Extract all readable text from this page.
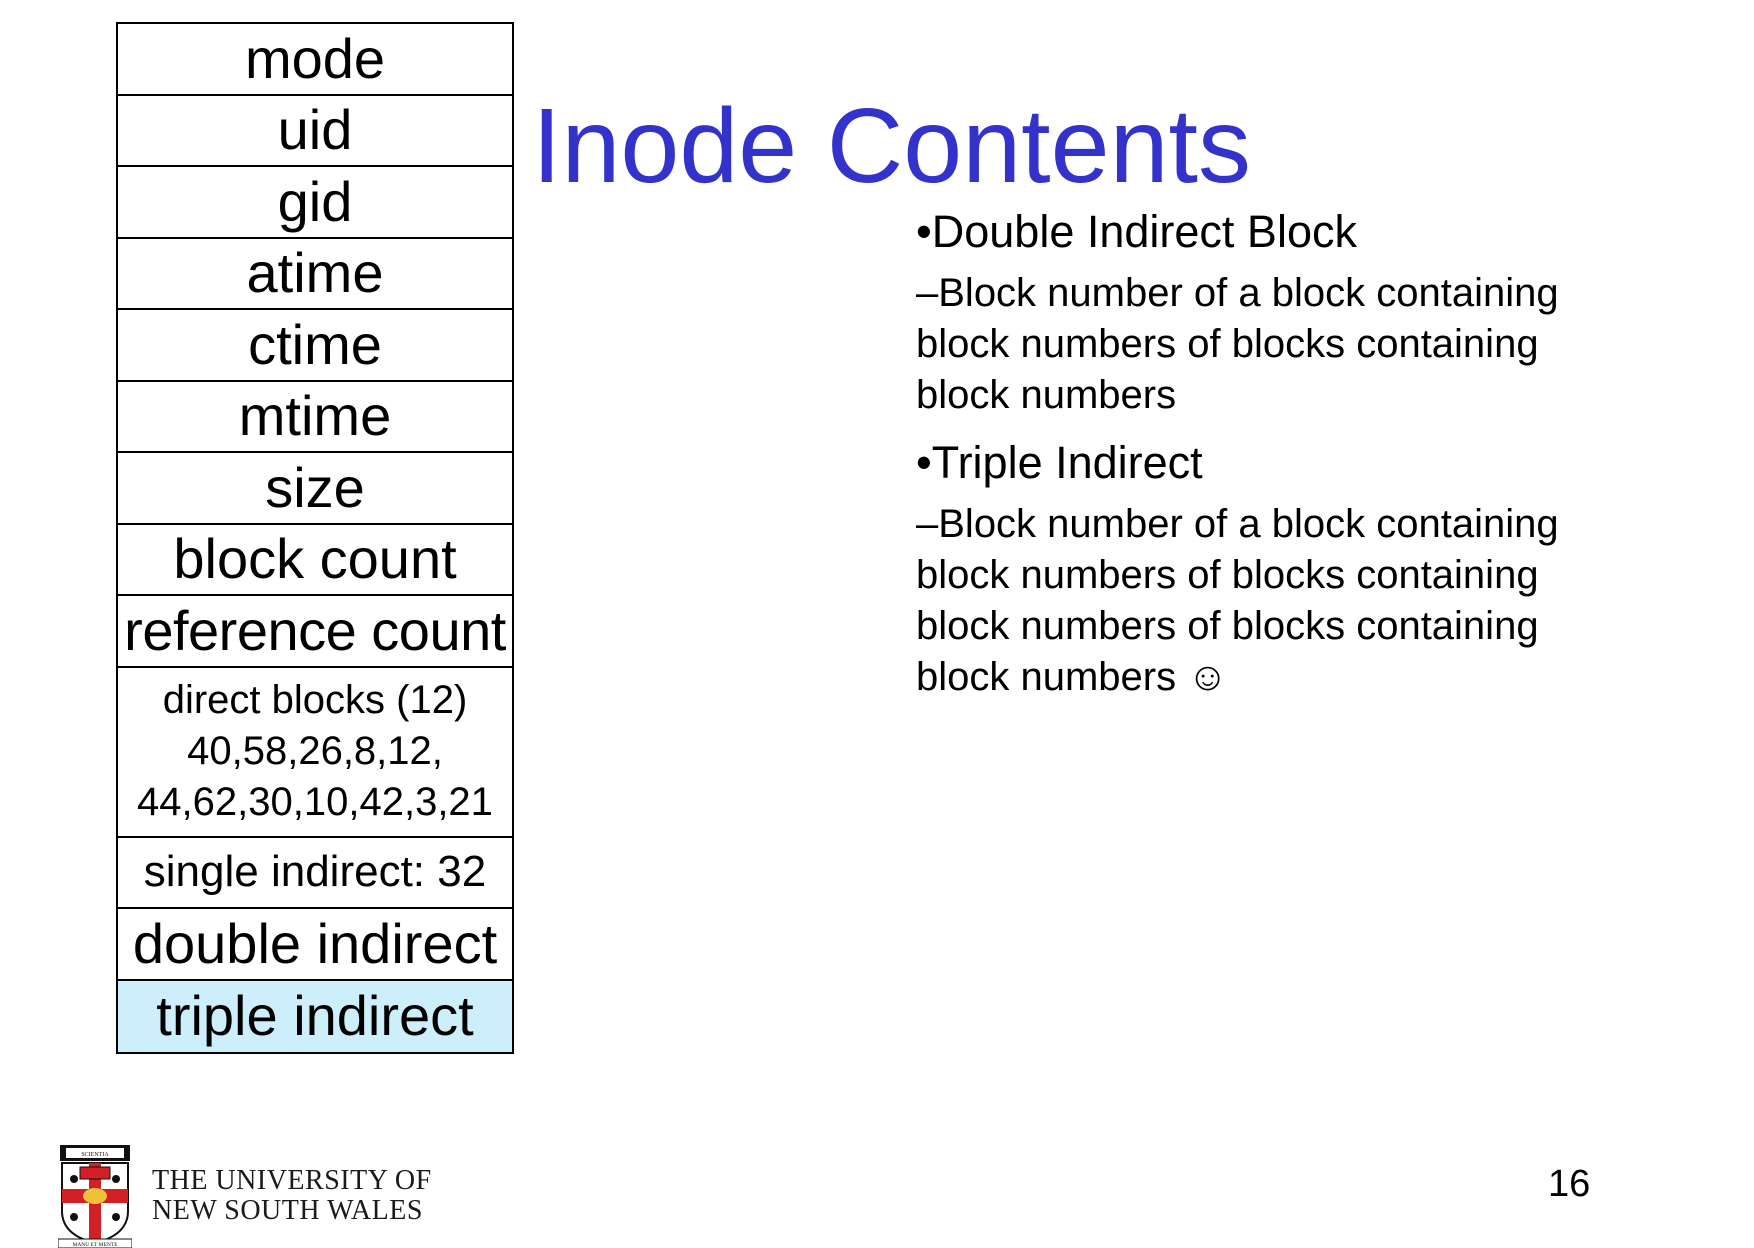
mode
uid
gid
atime
ctime
mtime
size
block count
reference count
direct blocks (12)
40,58,26,8,12,
44,62,30,10,42,3,21
single indirect: 32
double indirect
triple indirect
Inode Contents
•Double Indirect Block
–Block number of a block containing
block numbers of blocks containing
block numbers
•Triple Indirect
–Block number of a block containing
block numbers of blocks containing
block numbers of blocks containing
block numbers ☺
SCIENTIA
MANU ET MENTE
THE UNIVERSITY OF
NEW SOUTH WALES
16
